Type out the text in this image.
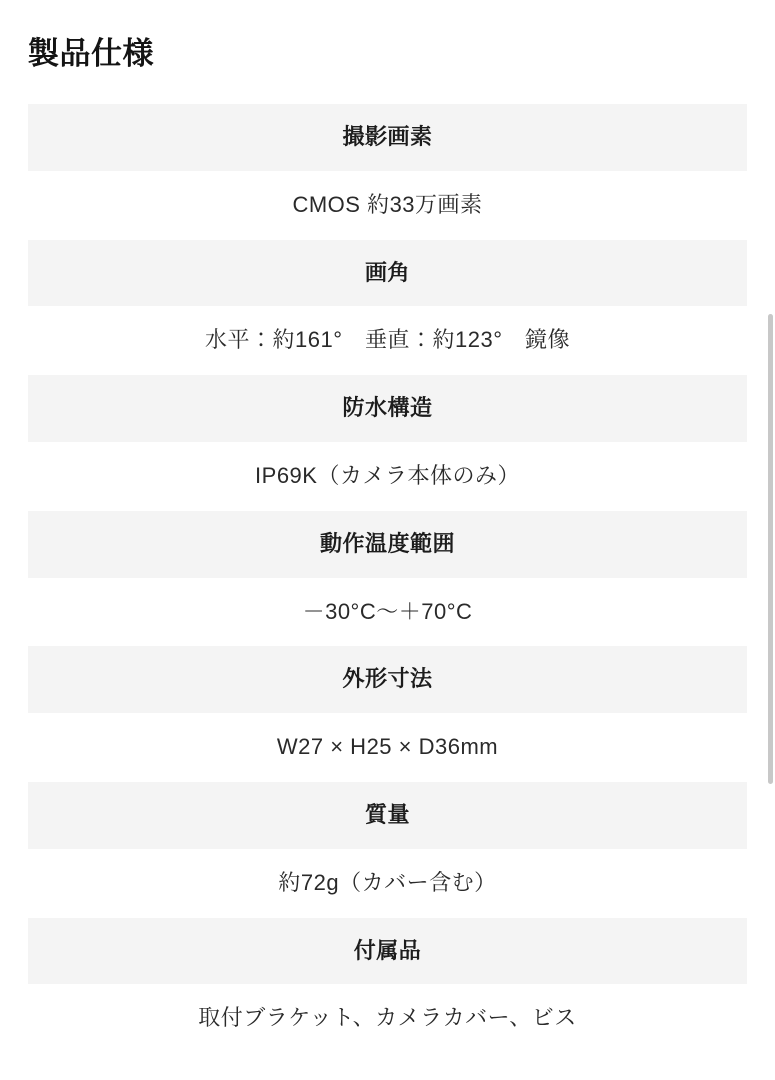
製品仕様
撮影画素
CMOS 約33万画素
画角
水平：約161°　垂直：約123°　鏡像
防水構造
IP69K（カメラ本体のみ）
動作温度範囲
－30°C〜＋70°C
外形寸法
W27 × H25 × D36mm
質量
約72g（カバー含む）
付属品
取付ブラケット、カメラカバー、ビス
